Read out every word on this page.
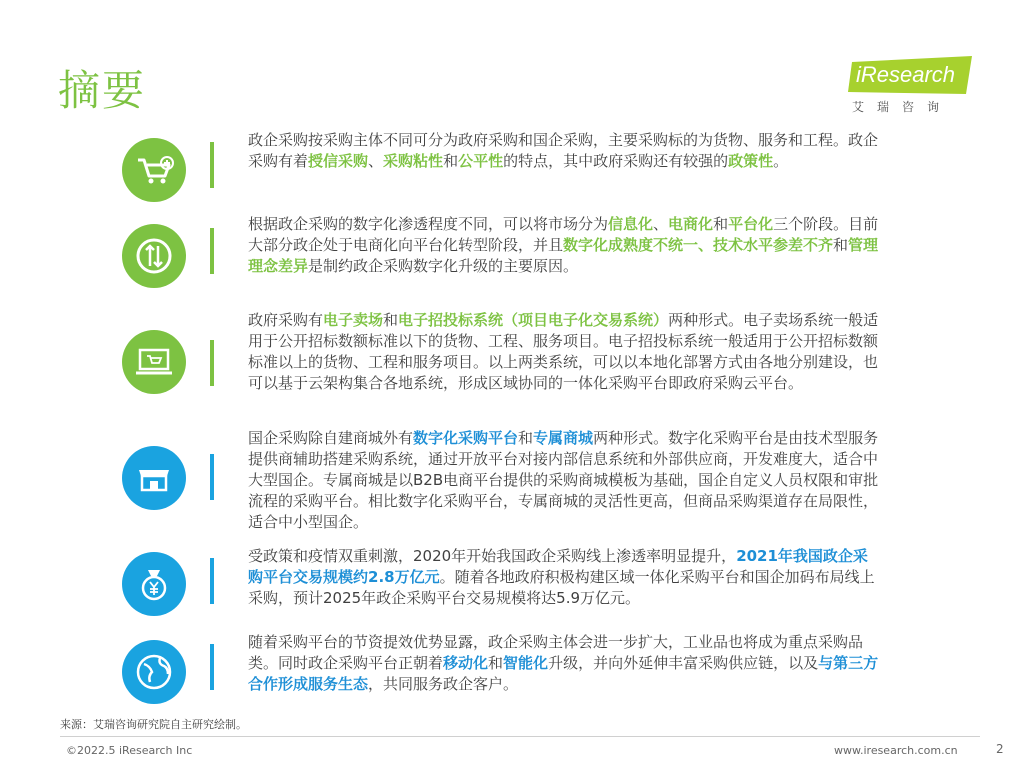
摘要	iResearch
艾瑞咨询
政企采购按采购主体不同可分为政府采购和国企采购，主要采购标的为货物、服务和工程。政企采购有着授信采购、采购粘性和公平性的特点，其中政府采购还有较强的政策性。
根据政企采购的数字化渗透程度不同，可以将市场分为信息化、电商化和平台化三个阶段。目前大部分政企处于电商化向平台化转型阶段，并且数字化成熟度不统一、技术水平参差不齐和管理理念差异是制约政企采购数字化升级的主要原因。
政府采购有电子卖场和电子招投标系统（项目电子化交易系统）两种形式。电子卖场系统一般适用于公开招标数额标准以下的货物、工程、服务项目。电子招投标系统一般适用于公开招标数额标准以上的货物、工程和服务项目。以上两类系统，可以以本地化部署方式由各地分别建设，也可以基于云架构集合各地系统，形成区域协同的一体化采购平台即政府采购云平台。
国企采购除自建商城外有数字化采购平台和专属商城两种形式。数字化采购平台是由技术型服务提供商辅助搭建采购系统，通过开放平台对接内部信息系统和外部供应商，开发难度大，适合中大型国企。专属商城是以B2B电商平台提供的采购商城模板为基础，国企自定义人员权限和审批流程的采购平台。相比数字化采购平台，专属商城的灵活性更高，但商品采购渠道存在局限性，适合中小型国企。
受政策和疫情双重刺激，2020年开始我国政企采购线上渗透率明显提升，2021年我国政企采购平台交易规模约2.8万亿元。随着各地政府积极构建区域一体化采购平台和国企加码布局线上采购，预计2025年政企采购平台交易规模将达5.9万亿元。
随着采购平台的节资提效优势显露，政企采购主体会进一步扩大，工业品也将成为重点采购品类。同时政企采购平台正朝着移动化和智能化升级，并向外延伸丰富采购供应链，以及与第三方合作形成服务生态，共同服务政企客户。
来源：艾瑞咨询研究院自主研究绘制。
©2022.5 iResearch Inc	www.iresearch.com.cn	2
